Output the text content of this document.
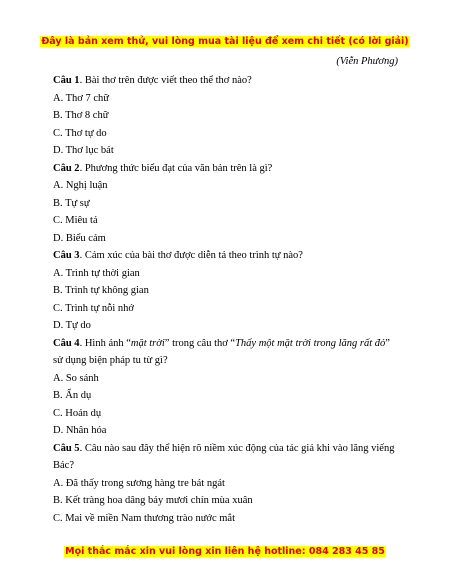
Đây là bản xem thử, vui lòng mua tài liệu để xem chi tiết (có lời giải)
(Viễn Phương)

Câu 1. Bài thơ trên được viết theo thể thơ nào?

A. Thơ 7 chữ

B. Thơ 8 chữ

C. Thơ tự do

D. Thơ lục bát

Câu 2. Phương thức biểu đạt của văn bản trên là gì?

A. Nghị luận

B. Tự sự

C. Miêu tả

D. Biểu cảm

Câu 3. Cảm xúc của bài thơ được diễn tả theo trình tự nào?

A. Trình tự thời gian

B. Trình tự không gian

C. Trình tự nỗi nhớ

D. Tự do

Câu 4. Hình ảnh “mặt trời” trong câu thơ “Thấy một mặt trời trong lăng rất đỏ” sử dụng biện pháp tu từ gì?

A. So sánh

B. Ẩn dụ

C. Hoán dụ

D. Nhân hóa

Câu 5. Câu nào sau đây thể hiện rõ niềm xúc động của tác giả khi vào lăng viếng Bác?

A. Đã thấy trong sương hàng tre bát ngát

B. Kết tràng hoa dâng bảy mươi chín mùa xuân

C. Mai về miền Nam thương trào nước mắt

Mọi thắc mắc xin vui lòng xin liên hệ hotline: 084 283 45 85
